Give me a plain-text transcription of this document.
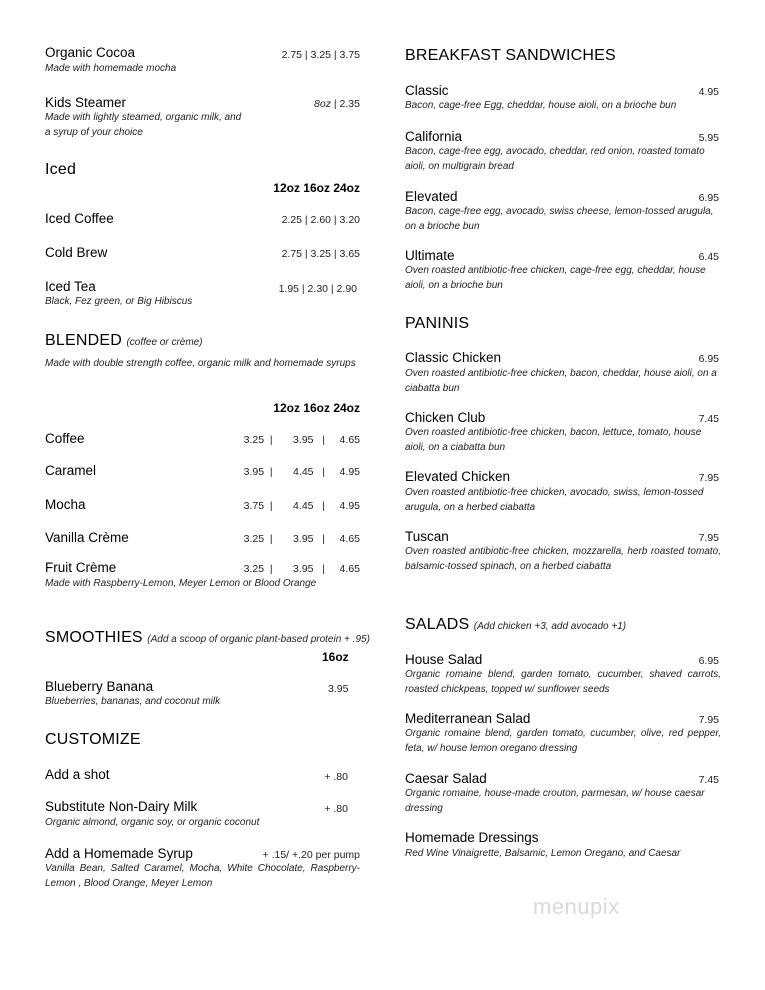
Organic Cocoa	2.75 | 3.25 | 3.75
Made with homemade mocha
Kids Steamer	8oz | 2.35
Made with lightly steamed, organic milk, and a syrup of your choice
Iced
12oz 16oz 24oz
Iced Coffee	2.25 | 2.60 | 3.20
Cold Brew	2.75 | 3.25 | 3.65
Iced Tea	1.95 | 2.30 | 2.90
Black, Fez green, or Big Hibiscus
BLENDED (coffee or crème)
Made with double strength coffee, organic milk and homemade syrups
12oz 16oz 24oz
Coffee	3.25  |       3.95   |     4.65
Caramel	3.95  |       4.45   |     4.95
Mocha	3.75  |       4.45   |     4.95
Vanilla Crème	3.25  |       3.95   |     4.65
Fruit Crème	3.25  |       3.95   |     4.65
Made with Raspberry-Lemon, Meyer Lemon or Blood Orange
SMOOTHIES (Add a scoop of organic plant-based protein + .95)
16oz
Blueberry Banana	3.95
Blueberries, bananas, and coconut milk
CUSTOMIZE
Add a shot	+ .80
Substitute Non-Dairy Milk	+ .80
Organic almond, organic soy, or organic coconut
Add a Homemade Syrup	+ .15/ +.20 per pump
Vanilla Bean, Salted Caramel, Mocha, White Chocolate, Raspberry-Lemon , Blood Orange, Meyer Lemon
BREAKFAST SANDWICHES
Classic	4.95
Bacon, cage-free Egg, cheddar, house aioli, on a brioche bun
California	5.95
Bacon, cage-free egg, avocado, cheddar, red onion, roasted tomato aioli, on multigrain bread
Elevated	6.95
Bacon, cage-free egg, avocado, swiss cheese, lemon-tossed arugula, on a brioche bun
Ultimate	6.45
Oven roasted antibiotic-free chicken, cage-free egg, cheddar, house aioli, on a brioche bun
PANINIS
Classic Chicken	6.95
Oven roasted antibiotic-free chicken, bacon, cheddar, house aioli, on a ciabatta bun
Chicken Club	7.45
Oven roasted antibiotic-free chicken, bacon, lettuce, tomato, house aioli, on a ciabatta bun
Elevated Chicken	7.95
Oven roasted antibiotic-free chicken, avocado, swiss, lemon-tossed arugula, on a herbed ciabatta
Tuscan	7.95
Oven roasted antibiotic-free chicken, mozzarella, herb roasted tomato, balsamic-tossed spinach, on a herbed ciabatta
SALADS (Add chicken +3, add avocado +1)
House Salad	6.95
Organic romaine blend, garden tomato, cucumber, shaved carrots, roasted chickpeas, topped w/ sunflower seeds
Mediterranean Salad	7.95
Organic romaine blend, garden tomato, cucumber, olive, red pepper, feta, w/ house lemon oregano dressing
Caesar Salad	7.45
Organic romaine, house-made crouton, parmesan, w/ house caesar dressing
Homemade Dressings
Red Wine Vinaigrette, Balsamic, Lemon Oregano, and Caesar
menupix
